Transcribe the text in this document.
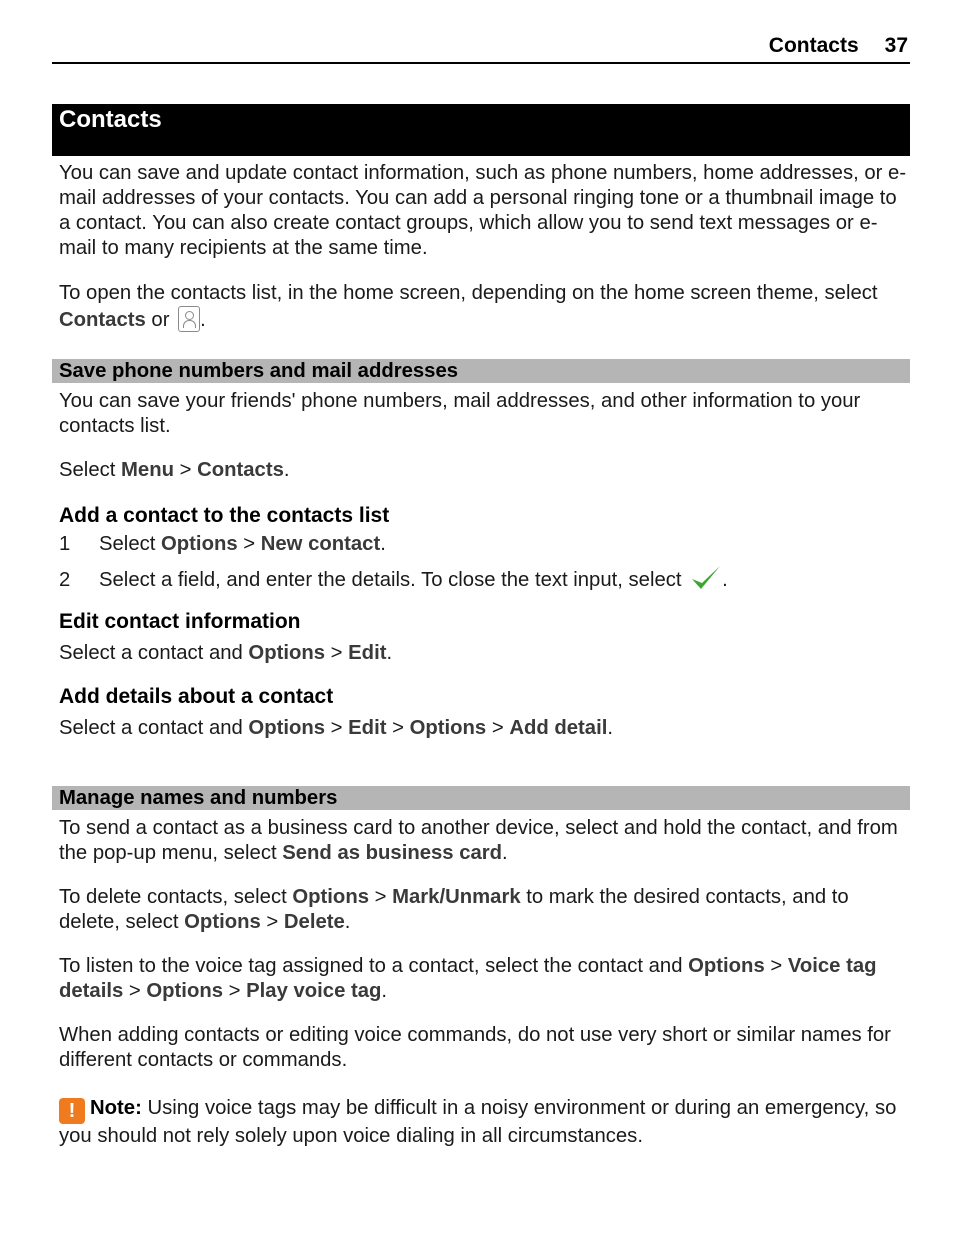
Contacts 37
Contacts

You can save and update contact information, such as phone numbers, home addresses, or e-mail addresses of your contacts. You can add a personal ringing tone or a thumbnail image to a contact. You can also create contact groups, which allow you to send text messages or e-mail to many recipients at the same time.

To open the contacts list, in the home screen, depending on the home screen theme, select Contacts or .

Save phone numbers and mail addresses

You can save your friends' phone numbers, mail addresses, and other information to your contacts list.

Select Menu > Contacts.

Add a contact to the contacts list
1 Select Options > New contact.
2 Select a field, and enter the details. To close the text input, select .
Edit contact information

Select a contact and Options > Edit.

Add details about a contact

Select a contact and Options > Edit > Options > Add detail.

Manage names and numbers

To send a contact as a business card to another device, select and hold the contact, and from the pop-up menu, select Send as business card.

To delete contacts, select Options > Mark/Unmark to mark the desired contacts, and to delete, select Options > Delete.

To listen to the voice tag assigned to a contact, select the contact and Options > Voice tag details > Options > Play voice tag.

When adding contacts or editing voice commands, do not use very short or similar names for different contacts or commands.

! Note: Using voice tags may be difficult in a noisy environment or during an emergency, so you should not rely solely upon voice dialing in all circumstances.
